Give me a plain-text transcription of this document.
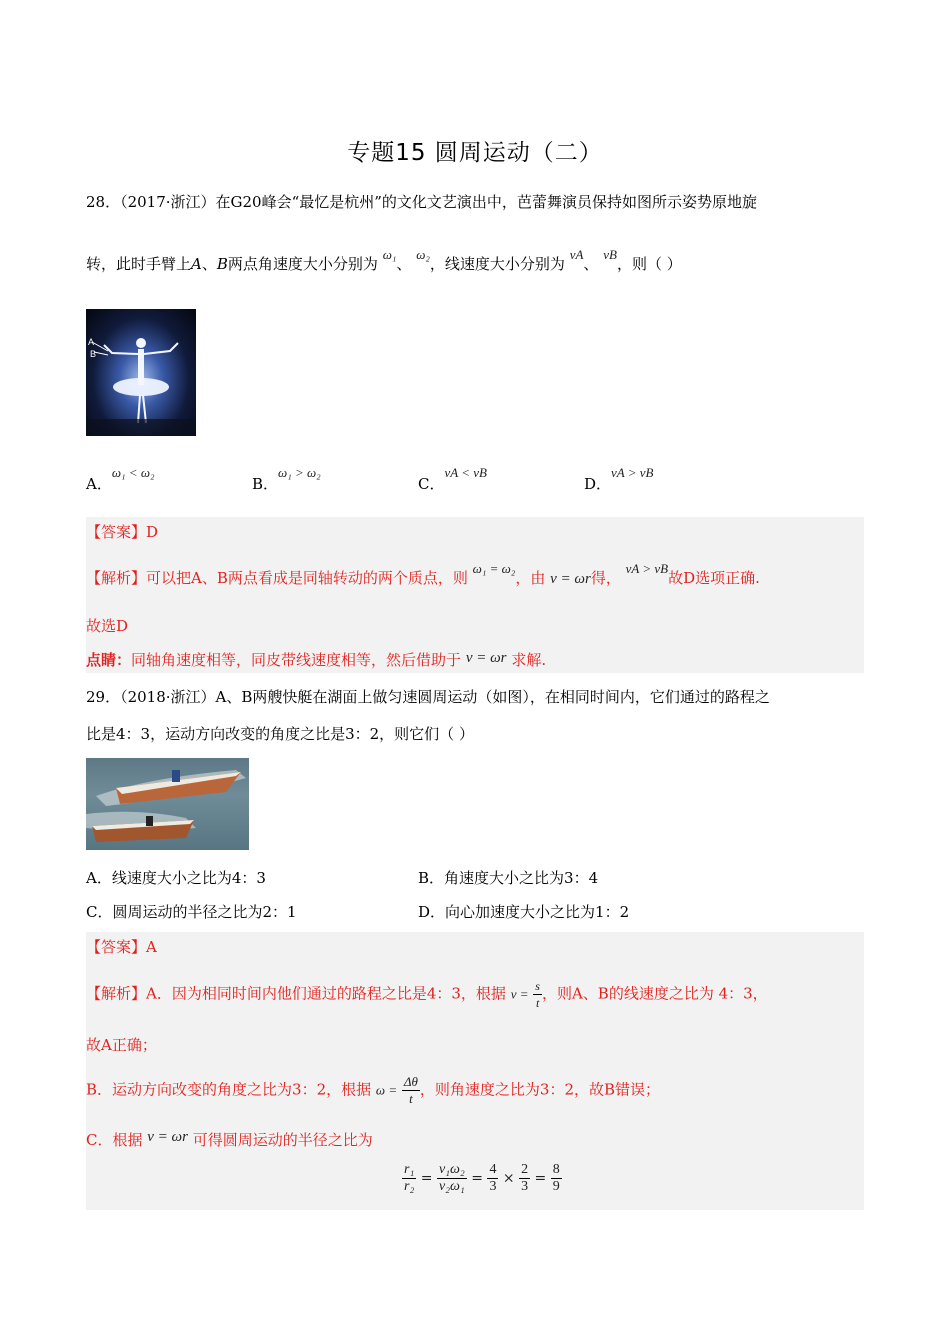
专题15 圆周运动（二）
28．（2017·浙江）在G20峰会“最忆是杭州”的文化文艺演出中，芭蕾舞演员保持如图所示姿势原地旋
转，此时手臂上A、B两点角速度大小分别为 ω₁、 ω₂，线速度大小分别为 vA、 vB，则（ ）
A
B
A．ω₁ < ω₂
B．ω₁ > ω₂
C．vA < vB
D．vA > vB
【答案】D
【解析】可以把A、B两点看成是同轴转动的两个质点，则 ω₁ = ω₂，由 v = ωr得， vA > vB故D选项正确.
故选D
点睛：同轴角速度相等，同皮带线速度相等，然后借助于 v = ωr 求解.
29．（2018·浙江）A、B两艘快艇在湖面上做匀速圆周运动（如图），在相同时间内，它们通过的路程之
比是4：3，运动方向改变的角度之比是3：2，则它们（ ）
A．线速度大小之比为4：3	B．角速度大小之比为3：4
C．圆周运动的半径之比为2：1	D．向心加速度大小之比为1：2
【答案】A
【解析】A．因为相同时间内他们通过的路程之比是4：3，根据 $v = \frac{s}{t}$ ，则A、B的线速度之比为 4：3，
故A正确；
B．运动方向改变的角度之比为3：2，根据 $\omega = \frac{\Delta\theta}{t}$ ，则角速度之比为3：2，故B错误；
C．根据 v = ωr 可得圆周运动的半径之比为
$\frac{\text{r₁}}{\text{r₂}} = \frac{\text{v₁ω₂}}{\text{v₂ω₁}} = \frac{4}{3} \times \frac{2}{3} = \frac{8}{9}$
